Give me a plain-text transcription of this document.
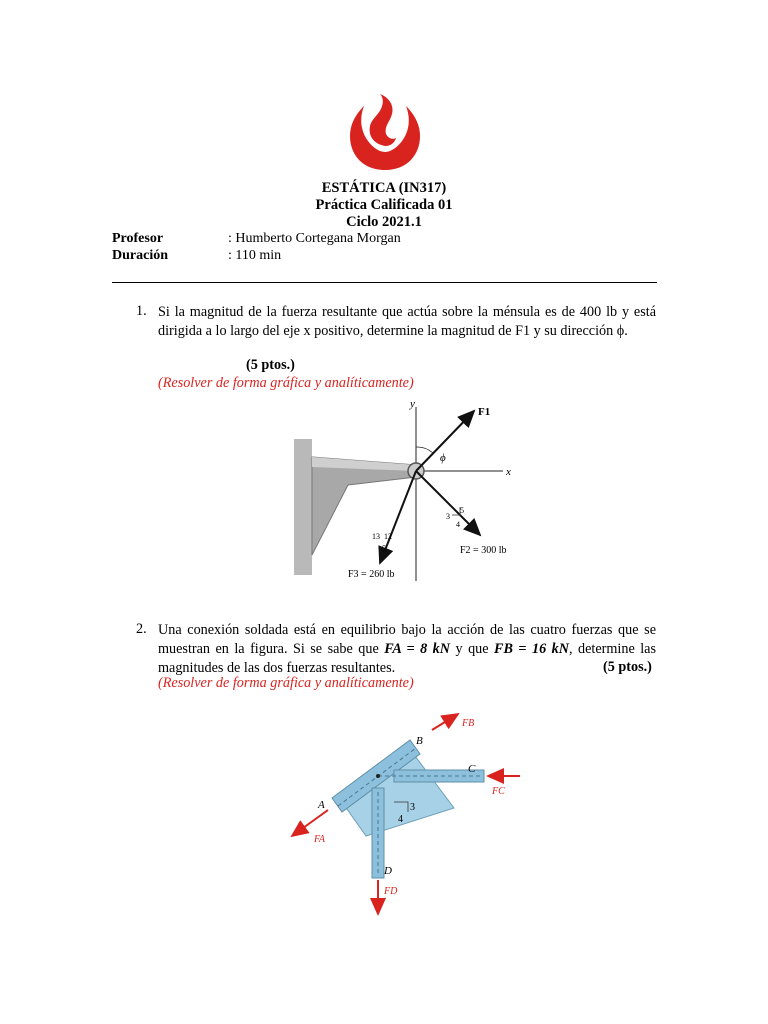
ESTÁTICA (IN317)
Práctica Calificada 01
Ciclo 2021.1
Profesor	: Humberto Cortegana Morgan
Duración	: 110 min
1. Si la magnitud de la fuerza resultante que actúa sobre la ménsula es de 400 lb y está dirigida a lo largo del eje x positivo, determine la magnitud de F1 y su dirección ϕ.
(5 ptos.)
(Resolver de forma gráfica y analíticamente)
y
x
F1
ϕ
F2 = 300 lb
5
3
4
F3 = 260 lb
13 12
5
2. Una conexión soldada está en equilibrio bajo la acción de las cuatro fuerzas que se muestran en la figura. Si se sabe que FA = 8 kN y que FB = 16 kN, determine las magnitudes de las dos fuerzas resultantes.	(5 ptos.)
(Resolver de forma gráfica y analíticamente)
3
4
FB
FC
FA
FD
A
B
C
D
